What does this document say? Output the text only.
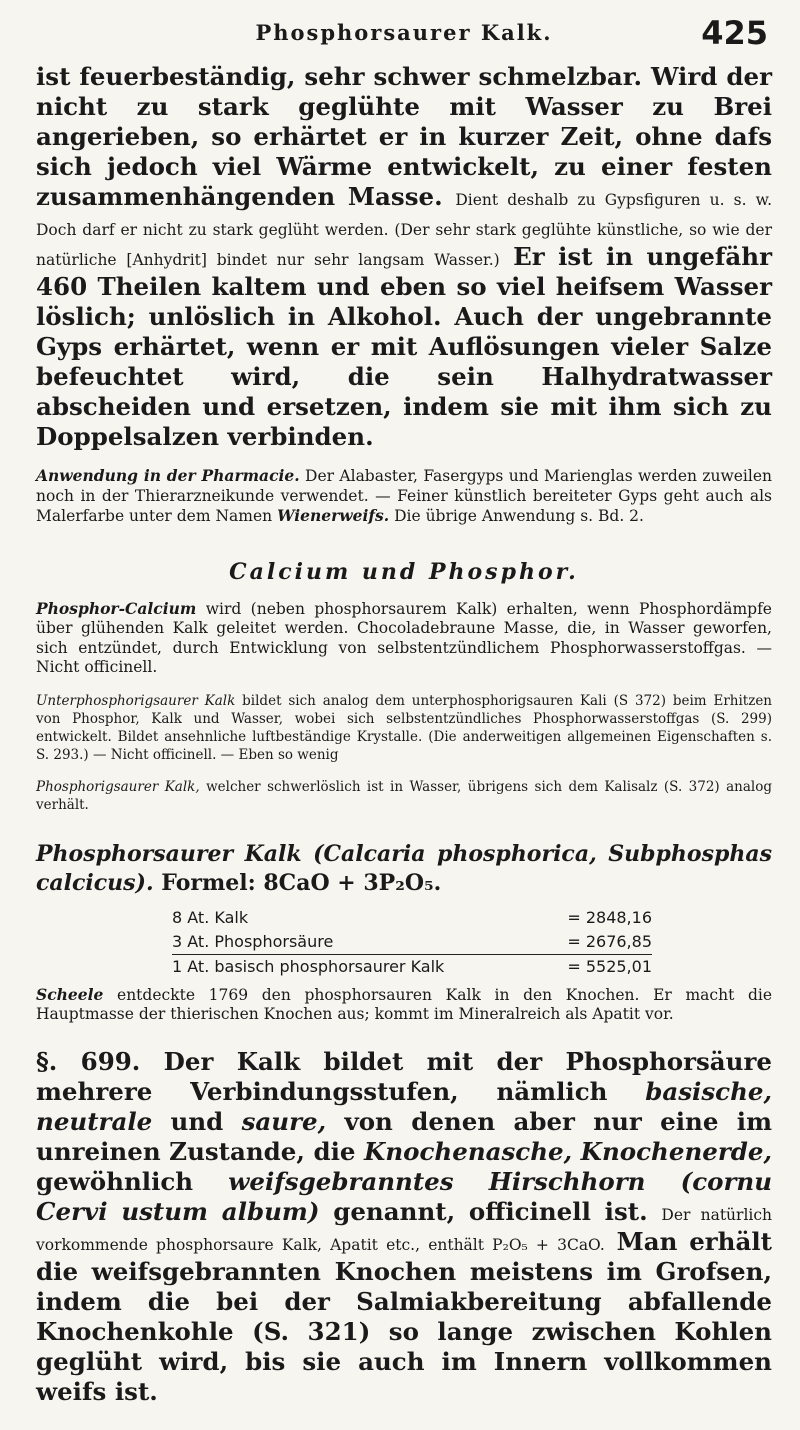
Phosphorsaurer Kalk.	425

ist feuerbeständig, sehr schwer schmelzbar. Wird der nicht zu stark geglühte mit Wasser zu Brei angerieben, so erhärtet er in kurzer Zeit, ohne dafs sich jedoch viel Wärme entwickelt, zu einer festen zusammenhängenden Masse. Dient deshalb zu Gypsfiguren u. s. w. Doch darf er nicht zu stark geglüht werden. (Der sehr stark geglühte künstliche, so wie der natürliche [Anhydrit] bindet nur sehr langsam Wasser.) Er ist in ungefähr 460 Theilen kaltem und eben so viel heifsem Wasser löslich; unlöslich in Alkohol. Auch der ungebrannte Gyps erhärtet, wenn er mit Auflösungen vieler Salze befeuchtet wird, die sein Halhydratwasser abscheiden und ersetzen, indem sie mit ihm sich zu Doppelsalzen verbinden.

Anwendung in der Pharmacie. Der Alabaster, Fasergyps und Marienglas werden zuweilen noch in der Thierarzneikunde verwendet. — Feiner künstlich bereiteter Gyps geht auch als Malerfarbe unter dem Namen Wienerweifs. Die übrige Anwendung s. Bd. 2.

Calcium und Phosphor.

Phosphor-Calcium wird (neben phosphorsaurem Kalk) erhalten, wenn Phosphordämpfe über glühenden Kalk geleitet werden. Chocoladebraune Masse, die, in Wasser geworfen, sich entzündet, durch Entwicklung von selbstentzündlichem Phosphorwasserstoffgas. — Nicht officinell.

Unterphosphorigsaurer Kalk bildet sich analog dem unterphosphorigsauren Kali (S 372) beim Erhitzen von Phosphor, Kalk und Wasser, wobei sich selbstentzündliches Phosphorwasserstoffgas (S. 299) entwickelt. Bildet ansehnliche luftbeständige Krystalle. (Die anderweitigen allgemeinen Eigenschaften s. S. 293.) — Nicht officinell. — Eben so wenig

Phosphorigsaurer Kalk, welcher schwerlöslich ist in Wasser, übrigens sich dem Kalisalz (S. 372) analog verhält.

Phosphorsaurer Kalk (Calcaria phosphorica, Subphosphas calcicus). Formel: 8CaO + 3P₂O₅.

8 At. Kalk	= 2848,16
3 At. Phosphorsäure	= 2676,85
1 At. basisch phosphorsaurer Kalk	= 5525,01

Scheele entdeckte 1769 den phosphorsauren Kalk in den Knochen. Er macht die Hauptmasse der thierischen Knochen aus; kommt im Mineralreich als Apatit vor.

§. 699. Der Kalk bildet mit der Phosphorsäure mehrere Verbindungsstufen, nämlich basische, neutrale und saure, von denen aber nur eine im unreinen Zustande, die Knochenasche, Knochenerde, gewöhnlich weifsgebranntes Hirschhorn (cornu Cervi ustum album) genannt, officinell ist. Der natürlich vorkommende phosphorsaure Kalk, Apatit etc., enthält P₂O₅ + 3CaO. Man erhält die weifsgebrannten Knochen meistens im Grofsen, indem die bei der Salmiakbereitung abfallende Knochenkohle (S. 321) so lange zwischen Kohlen geglüht wird, bis sie auch im Innern vollkommen weifs ist.
